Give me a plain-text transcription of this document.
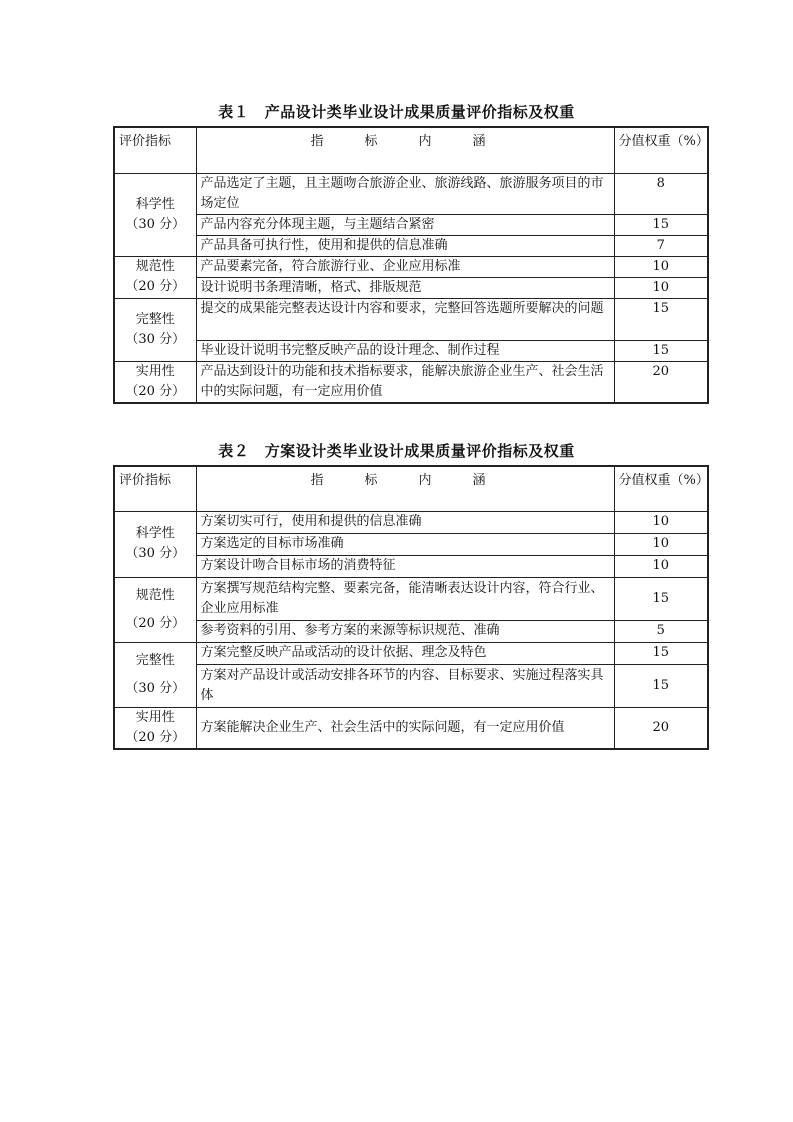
表１　产品设计类毕业设计成果质量评价指标及权重
评价指标	指　标　内　涵	分值权重（%）

科学性
（30 分）	产品选定了主题，且主题吻合旅游企业、旅游线路、旅游服务项目的市场定位	8
	产品内容充分体现主题，与主题结合紧密	15
	产品具备可执行性，使用和提供的信息准确	7

规范性
（20 分）	产品要素完备，符合旅游行业、企业应用标准	10
	设计说明书条理清晰，格式、排版规范	10

完整性
（30 分）	提交的成果能完整表达设计内容和要求，完整回答选题所要解决的问题	15
	毕业设计说明书完整反映产品的设计理念、制作过程	15

实用性
（20 分）	产品达到设计的功能和技术指标要求，能解决旅游企业生产、社会生活中的实际问题，有一定应用价值	20
表２　方案设计类毕业设计成果质量评价指标及权重
评价指标	指　标　内　涵	分值权重（%）

科学性
（30 分）	方案切实可行，使用和提供的信息准确	10
	方案选定的目标市场准确	10
	方案设计吻合目标市场的消费特征	10

规范性
（20 分）	方案撰写规范结构完整、要素完备，能清晰表达设计内容，符合行业、企业应用标准	15
	参考资料的引用、参考方案的来源等标识规范、准确	5

完整性
（30 分）	方案完整反映产品或活动的设计依据、理念及特色	15
	方案对产品设计或活动安排各环节的内容、目标要求、实施过程落实具体	15

实用性
（20 分）	方案能解决企业生产、社会生活中的实际问题，有一定应用价值	20
